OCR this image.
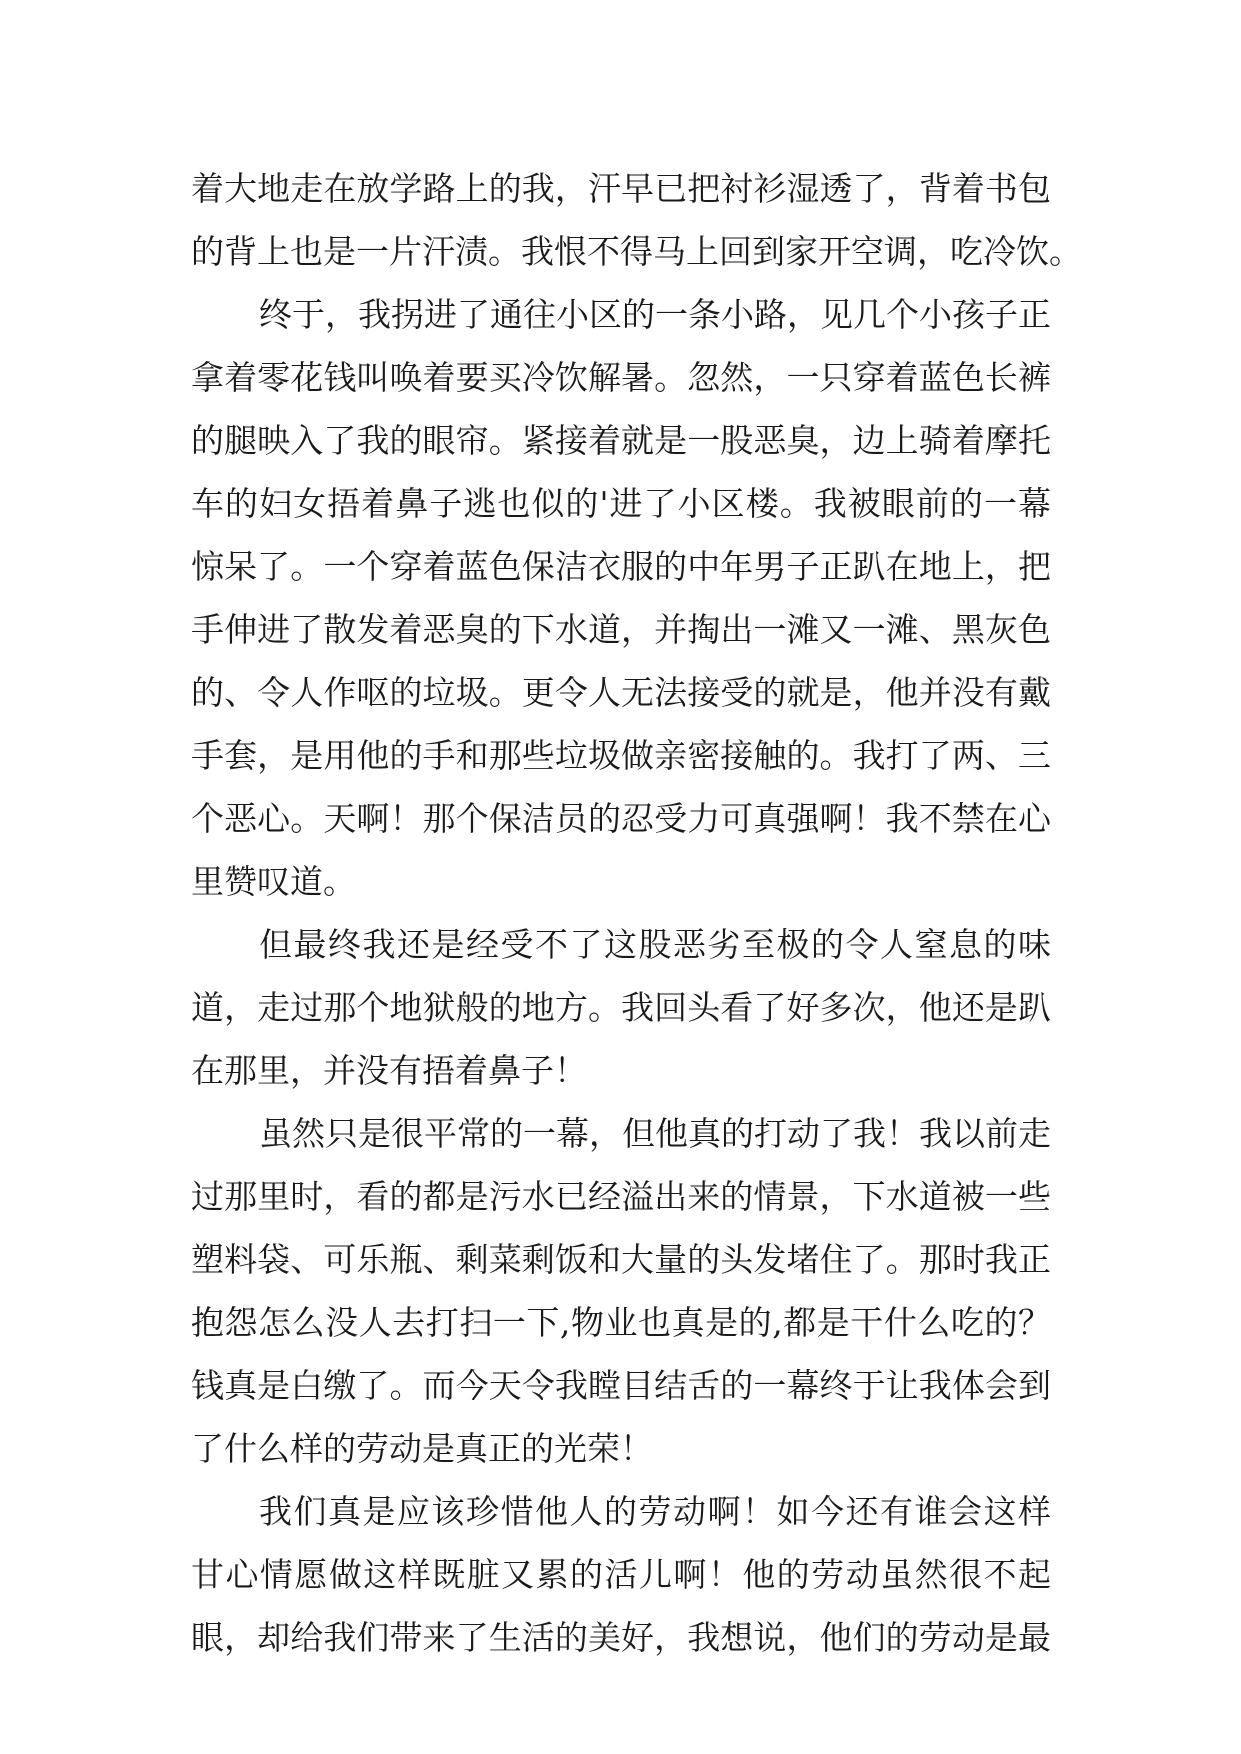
着大地走在放学路上的我，汗早已把衬衫湿透了，背着书包
的背上也是一片汗渍。我恨不得马上回到家开空调，吃冷饮。
终于，我拐进了通往小区的一条小路，见几个小孩子正
拿着零花钱叫唤着要买冷饮解暑。忽然，一只穿着蓝色长裤
的腿映入了我的眼帘。紧接着就是一股恶臭，边上骑着摩托
车的妇女捂着鼻子逃也似的'进了小区楼。我被眼前的一幕
惊呆了。一个穿着蓝色保洁衣服的中年男子正趴在地上，把
手伸进了散发着恶臭的下水道，并掏出一滩又一滩、黑灰色
的、令人作呕的垃圾。更令人无法接受的就是，他并没有戴
手套，是用他的手和那些垃圾做亲密接触的。我打了两、三
个恶心。天啊！那个保洁员的忍受力可真强啊！我不禁在心
里赞叹道。
但最终我还是经受不了这股恶劣至极的令人窒息的味
道，走过那个地狱般的地方。我回头看了好多次，他还是趴
在那里，并没有捂着鼻子！
虽然只是很平常的一幕，但他真的打动了我！我以前走
过那里时，看的都是污水已经溢出来的情景，下水道被一些
塑料袋、可乐瓶、剩菜剩饭和大量的头发堵住了。那时我正
抱怨怎么没人去打扫一下,物业也真是的,都是干什么吃的？
钱真是白缴了。而今天令我瞠目结舌的一幕终于让我体会到
了什么样的劳动是真正的光荣！
我们真是应该珍惜他人的劳动啊！如今还有谁会这样
甘心情愿做这样既脏又累的活儿啊！他的劳动虽然很不起
眼，却给我们带来了生活的美好，我想说，他们的劳动是最
